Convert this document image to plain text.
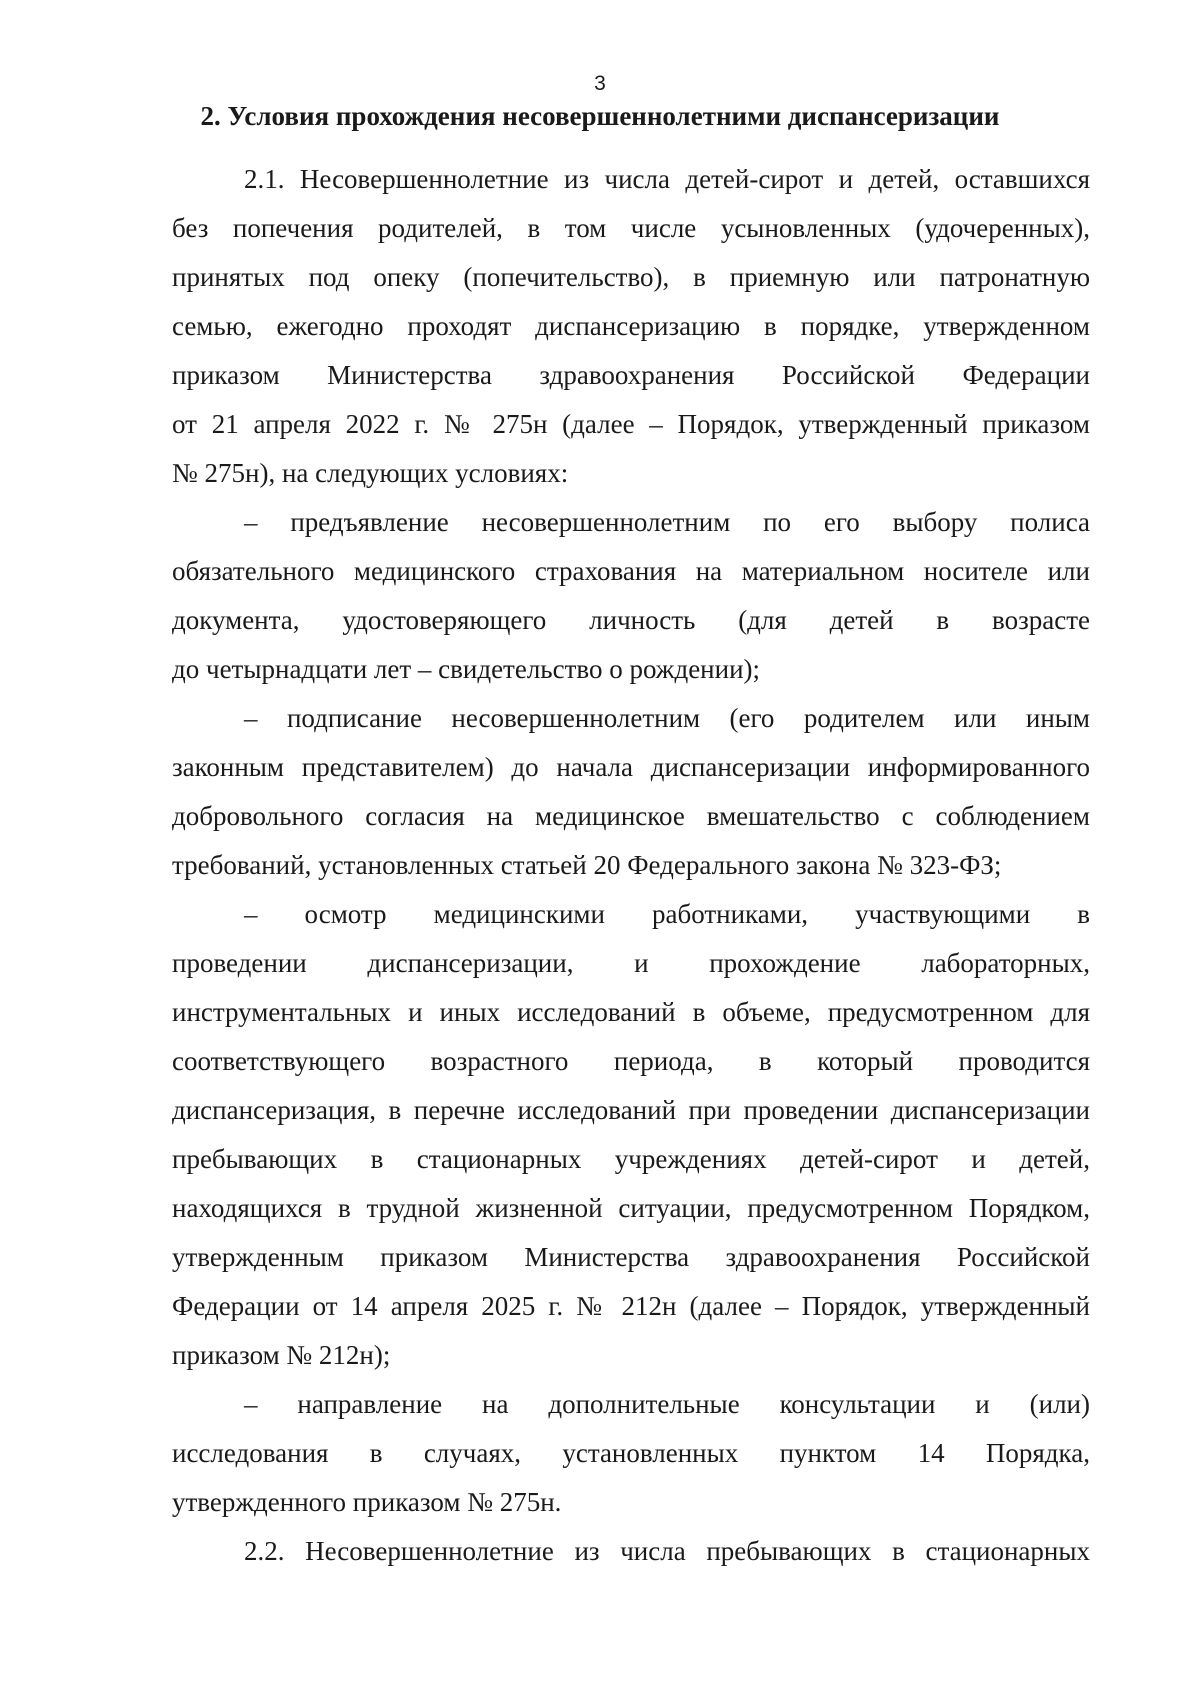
3
2. Условия прохождения несовершеннолетними диспансеризации
2.1. Несовершеннолетние из числа детей-сирот и детей, оставшихся
без попечения родителей, в том числе усыновленных (удочеренных),
принятых под опеку (попечительство), в приемную или патронатную
семью, ежегодно проходят диспансеризацию в порядке, утвержденном
приказом Министерства здравоохранения Российской Федерации
от 21 апреля 2022 г. № 275н (далее – Порядок, утвержденный приказом
№ 275н), на следующих условиях:
– предъявление несовершеннолетним по его выбору полиса
обязательного медицинского страхования на материальном носителе или
документа, удостоверяющего личность (для детей в возрасте
до четырнадцати лет – свидетельство о рождении);
– подписание несовершеннолетним (его родителем или иным
законным представителем) до начала диспансеризации информированного
добровольного согласия на медицинское вмешательство с соблюдением
требований, установленных статьей 20 Федерального закона № 323-ФЗ;
– осмотр медицинскими работниками, участвующими в
проведении диспансеризации, и прохождение лабораторных,
инструментальных и иных исследований в объеме, предусмотренном для
соответствующего возрастного периода, в который проводится
диспансеризация, в перечне исследований при проведении диспансеризации
пребывающих в стационарных учреждениях детей-сирот и детей,
находящихся в трудной жизненной ситуации, предусмотренном Порядком,
утвержденным приказом Министерства здравоохранения Российской
Федерации от 14 апреля 2025 г. № 212н (далее – Порядок, утвержденный
приказом № 212н);
– направление на дополнительные консультации и (или)
исследования в случаях, установленных пунктом 14 Порядка,
утвержденного приказом № 275н.
2.2. Несовершеннолетние из числа пребывающих в стационарных
